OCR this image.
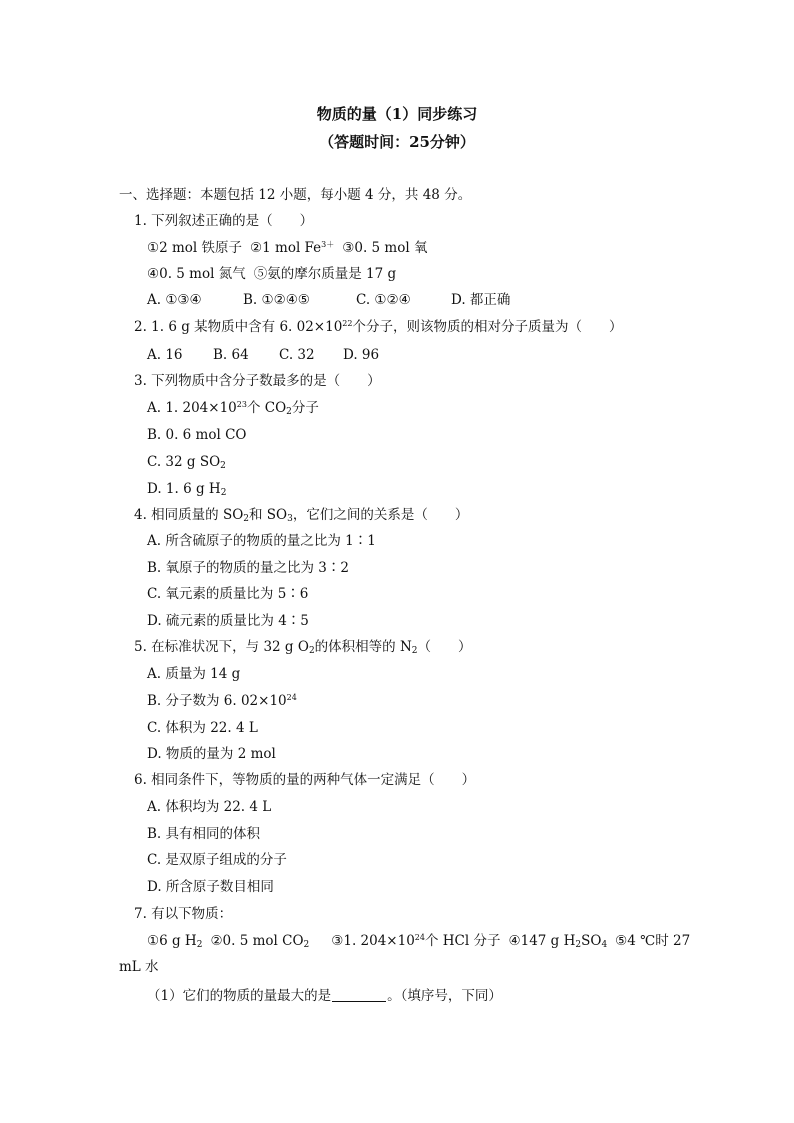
物质的量（1）同步练习
（答题时间：25分钟）
一、选择题：本题包括 12 小题，每小题 4 分，共 48 分。
1. 下列叙述正确的是（　　）
①2 mol 铁原子 ②1 mol $Fe^{3+}$ ③0. 5 mol 氧
④0. 5 mol 氮气 ⑤氨的摩尔质量是 17 g
A. ①③④	B. ①②④⑤	C. ①②④	D. 都正确
2. 1. 6 g 某物质中含有 6. $02\times 10^{22}$个分子，则该物质的相对分子质量为（　　）
A. 16 B. 64 C. 32 D. 96
3. 下列物质中含分子数最多的是（　　）
A. 1. $204\times 10^{23}$个 $CO_2$分子
B. 0. 6 mol CO
C. 32 g $SO_2$
D. 1. 6 g $H_2$
4. 相同质量的 $SO_2$和 $SO_3$，它们之间的关系是（　　）
A. 所含硫原子的物质的量之比为 1∶1
B. 氧原子的物质的量之比为 3∶2
C. 氧元素的质量比为 5∶6
D. 硫元素的质量比为 4∶5
5. 在标准状况下，与 32 g $O_2$的体积相等的 $N_2$（　　）
A. 质量为 14 g
B. 分子数为 6. $02\times 10^{24}$
C. 体积为 22. 4 L
D. 物质的量为 2 mol
6. 相同条件下，等物质的量的两种气体一定满足（　　）
A. 体积均为 22. 4 L
B. 具有相同的体积
C. 是双原子组成的分子
D. 所含原子数目相同
7. 有以下物质：
①6 g $H_2$ ②0. 5 mol $CO_2$ ③1. $204\times 10^{24}$个 HCl 分子 ④147 g $H_2SO_4$ ⑤4 ℃时 27
mL 水
（1）它们的物质的量最大的是	。（填序号，下同）
